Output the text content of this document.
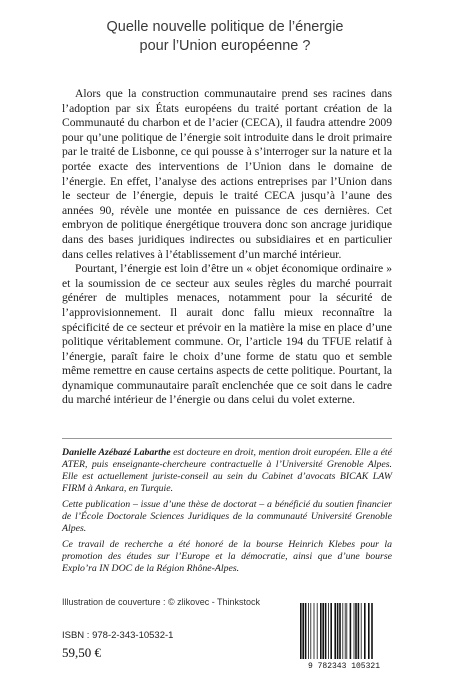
Quelle nouvelle politique de l’énergie
pour l’Union européenne ?

Alors que la construction communautaire prend ses racines dans l’adoption par six États européens du traité portant création de la Communauté du charbon et de l’acier (CECA), il faudra attendre 2009 pour qu’une politique de l’énergie soit introduite dans le droit primaire par le traité de Lisbonne, ce qui pousse à s’interroger sur la nature et la portée exacte des interventions de l’Union dans le domaine de l’énergie. En effet, l’analyse des actions entreprises par l’Union dans le secteur de l’énergie, depuis le traité CECA jusqu’à l’aune des années 90, révèle une montée en puissance de ces dernières. Cet embryon de politique énergétique trouvera donc son ancrage juridique dans des bases juridiques indirectes ou subsidiaires et en particulier dans celles relatives à l’établissement d’un marché intérieur.

Pourtant, l’énergie est loin d’être un « objet économique ordinaire » et la soumission de ce secteur aux seules règles du marché pourrait générer de multiples menaces, notamment pour la sécurité de l’approvisionnement. Il aurait donc fallu mieux reconnaître la spécificité de ce secteur et prévoir en la matière la mise en place d’une politique véritablement commune. Or, l’article 194 du TFUE relatif à l’énergie, paraît faire le choix d’une forme de statu quo et semble même remettre en cause certains aspects de cette politique. Pourtant, la dynamique communautaire paraît enclenchée que ce soit dans le cadre du marché intérieur de l’énergie ou dans celui du volet externe.

Danielle Azébazé Labarthe est docteure en droit, mention droit européen. Elle a été ATER, puis enseignante-chercheure contractuelle à l’Université Grenoble Alpes. Elle est actuellement juriste-conseil au sein du Cabinet d’avocats BICAK LAW FIRM à Ankara, en Turquie.

Cette publication – issue d’une thèse de doctorat – a bénéficié du soutien financier de l’École Doctorale Sciences Juridiques de la communauté Université Grenoble Alpes.

Ce travail de recherche a été honoré de la bourse Heinrich Klebes pour la promotion des études sur l’Europe et la démocratie, ainsi que d’une bourse Explo’ra IN DOC de la Région Rhône-Alpes.

Illustration de couverture : © zlikovec - Thinkstock
ISBN : 978-2-343-10532-1
59,50 €
9 782343 105321
